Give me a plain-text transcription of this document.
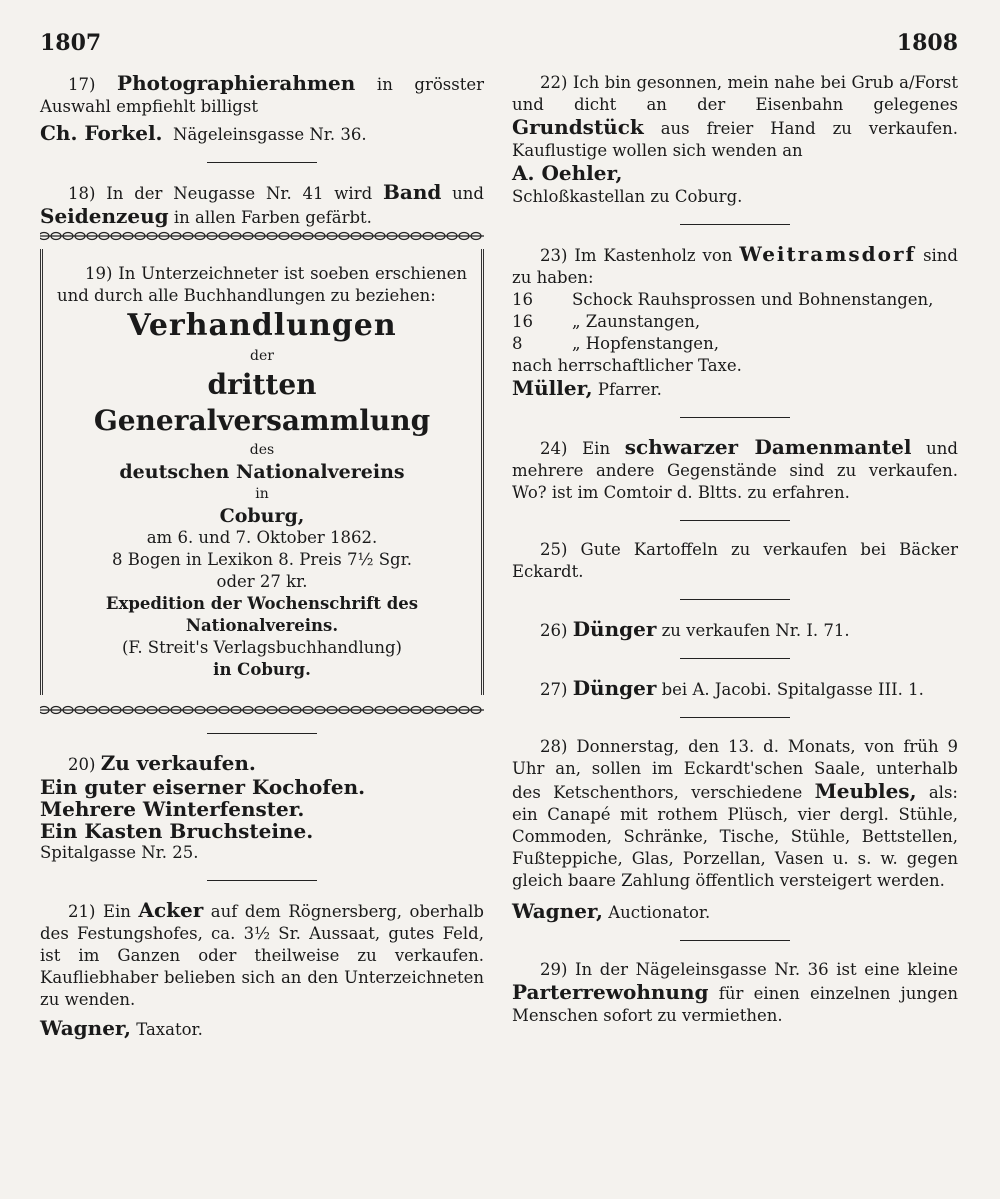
1807	1808

17) Photographierahmen in grösster Auswahl empfiehlt billigst

Ch. Forkel. Nägeleinsgasse Nr. 36.

18) In der Neugasse Nr. 41 wird Band und Seidenzeug in allen Farben gefärbt.

19) In Unterzeichneter ist soeben erschienen und durch alle Buchhandlungen zu beziehen:

Verhandlungen
der
dritten Generalversammlung
des
deutschen Nationalvereins
in
Coburg,
am 6. und 7. Oktober 1862.
8 Bogen in Lexikon 8. Preis 7½ Sgr.
oder 27 kr.
Expedition der Wochenschrift des Nationalvereins.
(F. Streit's Verlagsbuchhandlung)
in Coburg.

20) Zu verkaufen.

Ein guter eiserner Kochofen.

Mehrere Winterfenster.

Ein Kasten Bruchsteine.

Spitalgasse Nr. 25.

21) Ein Acker auf dem Rögnersberg, oberhalb des Festungshofes, ca. 3½ Sr. Aussaat, gutes Feld, ist im Ganzen oder theilweise zu verkaufen. Kaufliebhaber belieben sich an den Unterzeichneten zu wenden.

Wagner, Taxator.

22) Ich bin gesonnen, mein nahe bei Grub a/Forst und dicht an der Eisenbahn gelegenes Grundstück aus freier Hand zu verkaufen. Kauflustige wollen sich wenden an

A. Oehler,

Schloßkastellan zu Coburg.

23) Im Kastenholz von Weitramsdorf sind zu haben:

16	Schock Rauhsprossen und Bohnenstangen,
16	„ Zaunstangen,
8	„ Hopfenstangen,

nach herrschaftlicher Taxe.

Müller, Pfarrer.

24) Ein schwarzer Damenmantel und mehrere andere Gegenstände sind zu verkaufen. Wo? ist im Comtoir d. Bltts. zu erfahren.

25) Gute Kartoffeln zu verkaufen bei Bäcker Eckardt.

26) Dünger zu verkaufen Nr. I. 71.

27) Dünger bei A. Jacobi. Spitalgasse III. 1.

28) Donnerstag, den 13. d. Monats, von früh 9 Uhr an, sollen im Eckardt'schen Saale, unterhalb des Ketschenthors, verschiedene Meubles, als: ein Canapé mit rothem Plüsch, vier dergl. Stühle, Commoden, Schränke, Tische, Stühle, Bettstellen, Fußteppiche, Glas, Porzellan, Vasen u. s. w. gegen gleich baare Zahlung öffentlich versteigert werden.

Wagner, Auctionator.

29) In der Nägeleinsgasse Nr. 36 ist eine kleine Parterrewohnung für einen einzelnen jungen Menschen sofort zu vermiethen.
